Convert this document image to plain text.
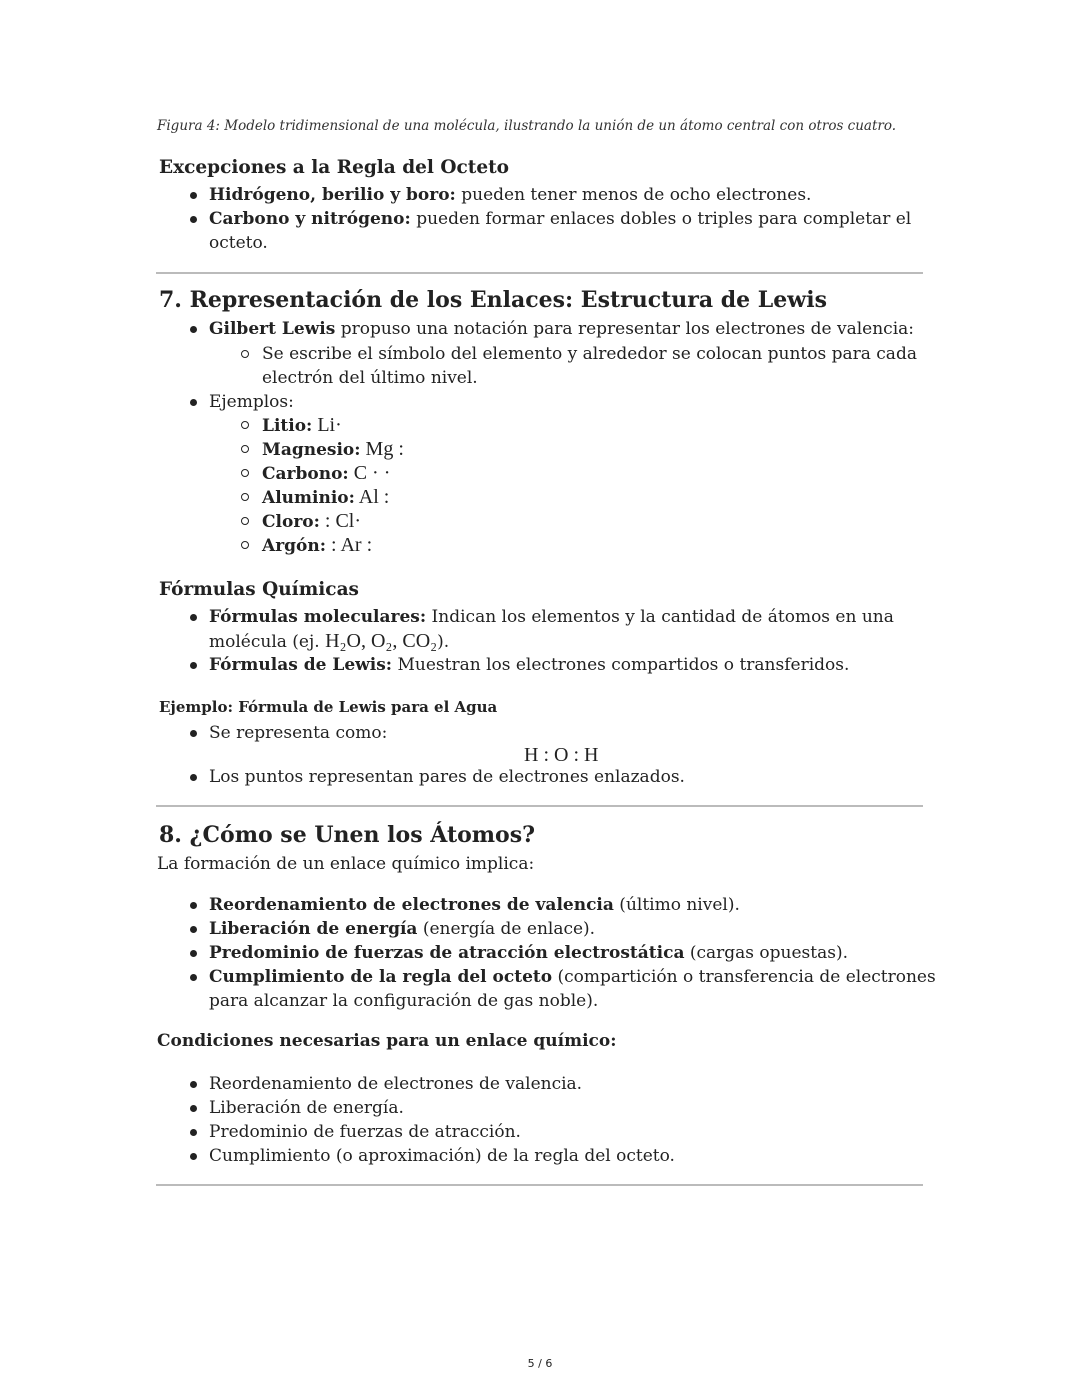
Figura 4: Modelo tridimensional de una molécula, ilustrando la unión de un átomo central con otros cuatro.
Excepciones a la Regla del Octeto
Hidrógeno, berilio y boro: pueden tener menos de ocho electrones.
Carbono y nitrógeno: pueden formar enlaces dobles o triples para completar el
octeto.
7. Representación de los Enlaces: Estructura de Lewis
Gilbert Lewis propuso una notación para representar los electrones de valencia:
Se escribe el símbolo del elemento y alrededor se colocan puntos para cada
electrón del último nivel.
Ejemplos:
Litio: Li·
Magnesio: Mg :
Carbono: C · ·
Aluminio: Al :
Cloro: : Cl·
Argón: : Ar :
Fórmulas Químicas
Fórmulas moleculares: Indican los elementos y la cantidad de átomos en una
molécula (ej. H₂O, O₂, CO₂).
Fórmulas de Lewis: Muestran los electrones compartidos o transferidos.
Ejemplo: Fórmula de Lewis para el Agua
Se representa como:
H : O : H
Los puntos representan pares de electrones enlazados.
8. ¿Cómo se Unen los Átomos?
La formación de un enlace químico implica:
Reordenamiento de electrones de valencia (último nivel).
Liberación de energía (energía de enlace).
Predominio de fuerzas de atracción electrostática (cargas opuestas).
Cumplimiento de la regla del octeto (compartición o transferencia de electrones
para alcanzar la configuración de gas noble).
Condiciones necesarias para un enlace químico:
Reordenamiento de electrones de valencia.
Liberación de energía.
Predominio de fuerzas de atracción.
Cumplimiento (o aproximación) de la regla del octeto.
5 / 6
